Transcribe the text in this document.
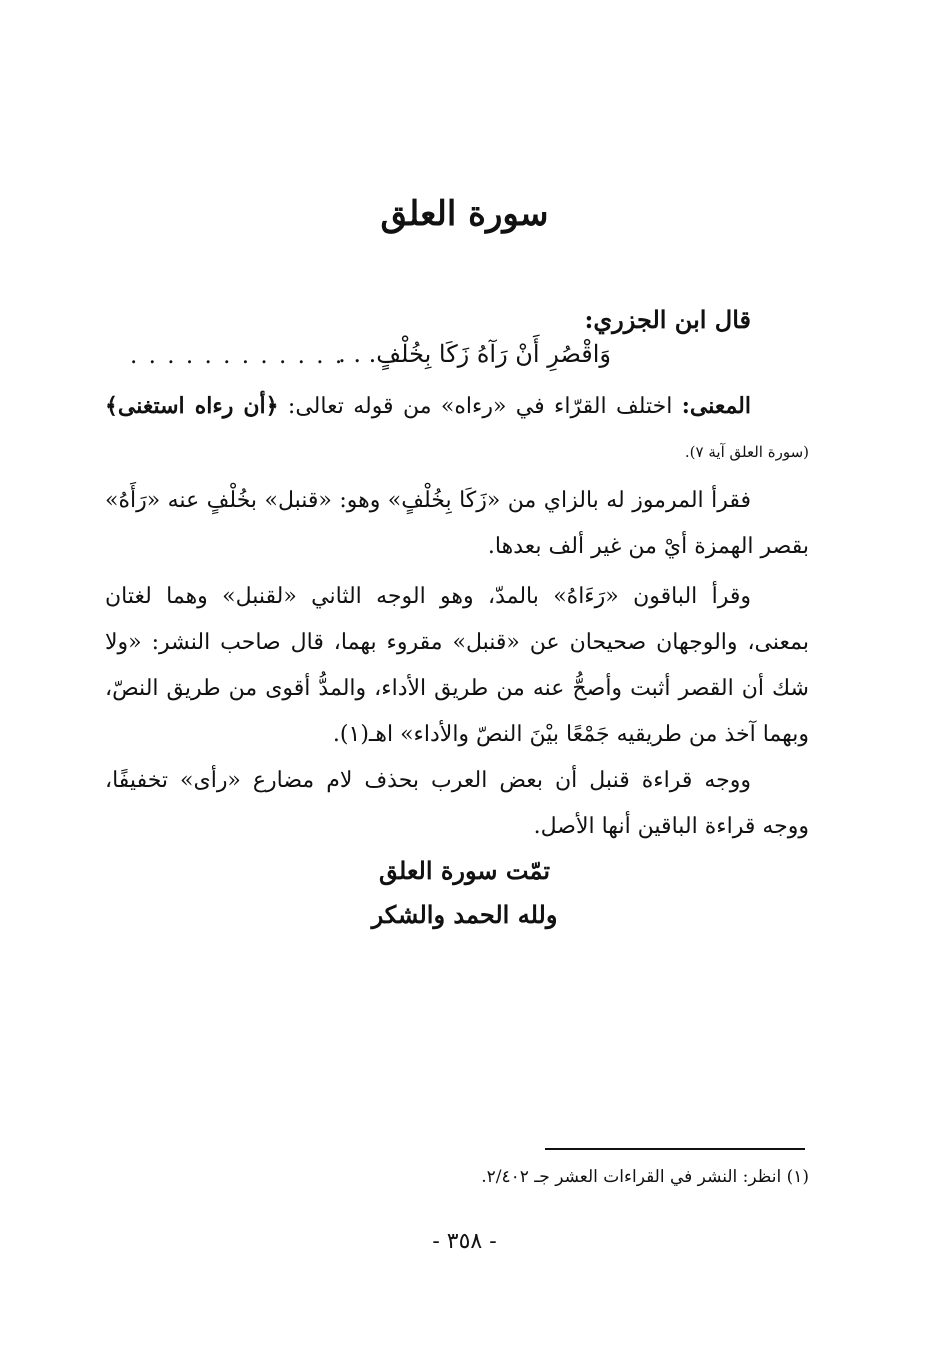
سورة العلق
قال ابن الجزري:
وَاقْصُرِ أَنْ رَآهُ زَكَا بِخُلْفٍ. . .
. . . . . . . . . . . .
المعنى: اختلف القرّاء في «رءاه» من قوله تعالى: ﴿أن رءاه استغنى﴾
(سورة العلق آية ٧).
فقرأ المرموز له بالزاي من «زَكَا بِخُلْفٍ» وهو: «قنبل» بخُلْفٍ عنه «رَأَهُ» بقصر الهمزة أيْ من غير ألف بعدها.
وقرأ الباقون «رَءَاهُ» بالمدّ، وهو الوجه الثاني «لقنبل» وهما لغتان بمعنى، والوجهان صحيحان عن «قنبل» مقروء بهما، قال صاحب النشر: «ولا شك أن القصر أثبت وأصحُّ عنه من طريق الأداء، والمدُّ أقوى من طريق النصّ، وبهما آخذ من طريقيه جَمْعًا بيْنَ النصّ والأداء» اهـ(١).
ووجه قراءة قنبل أن بعض العرب بحذف لام مضارع «رأى» تخفيفًا، ووجه قراءة الباقين أنها الأصل.
تمّت سورة العلق
ولله الحمد والشكر
(١) انظر: النشر في القراءات العشر جـ ٢/٤٠٢.
- ٣٥٨ -
